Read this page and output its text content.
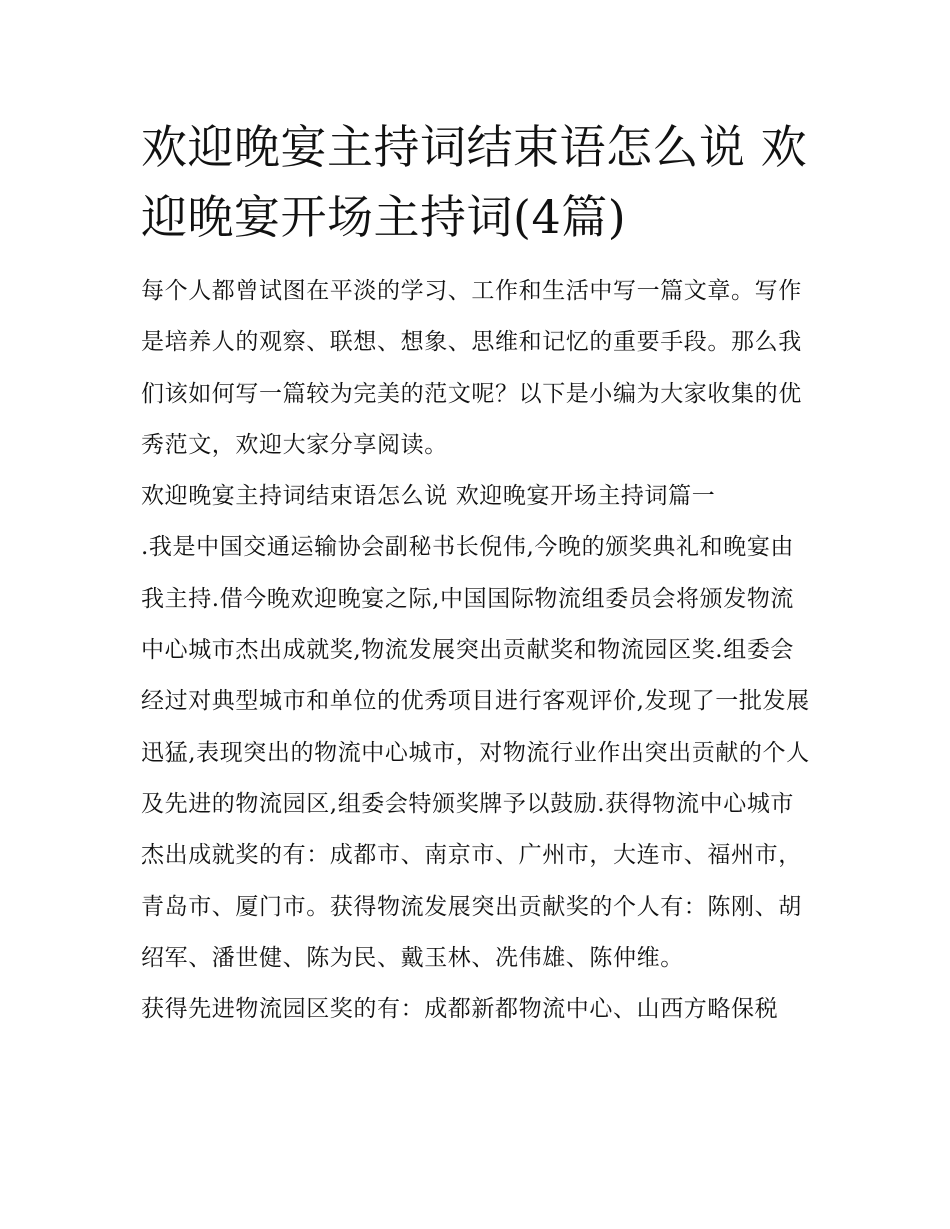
欢迎晚宴主持词结束语怎么说 欢迎晚宴开场主持词(4篇)

每个人都曾试图在平淡的学习、工作和生活中写一篇文章。写作是培养人的观察、联想、想象、思维和记忆的重要手段。那么我们该如何写一篇较为完美的范文呢？以下是小编为大家收集的优秀范文，欢迎大家分享阅读。

欢迎晚宴主持词结束语怎么说 欢迎晚宴开场主持词篇一

.我是中国交通运输协会副秘书长倪伟,今晚的颁奖典礼和晚宴由我主持.借今晚欢迎晚宴之际,中国国际物流组委员会将颁发物流中心城市杰出成就奖,物流发展突出贡献奖和物流园区奖.组委会经过对典型城市和单位的优秀项目进行客观评价,发现了一批发展迅猛,表现突出的物流中心城市，对物流行业作出突出贡献的个人及先进的物流园区,组委会特颁奖牌予以鼓励.获得物流中心城市杰出成就奖的有：成都市、南京市、广州市，大连市、福州市，青岛市、厦门市。获得物流发展突出贡献奖的个人有：陈刚、胡绍军、潘世健、陈为民、戴玉林、冼伟雄、陈仲维。

获得先进物流园区奖的有：成都新都物流中心、山西方略保税
